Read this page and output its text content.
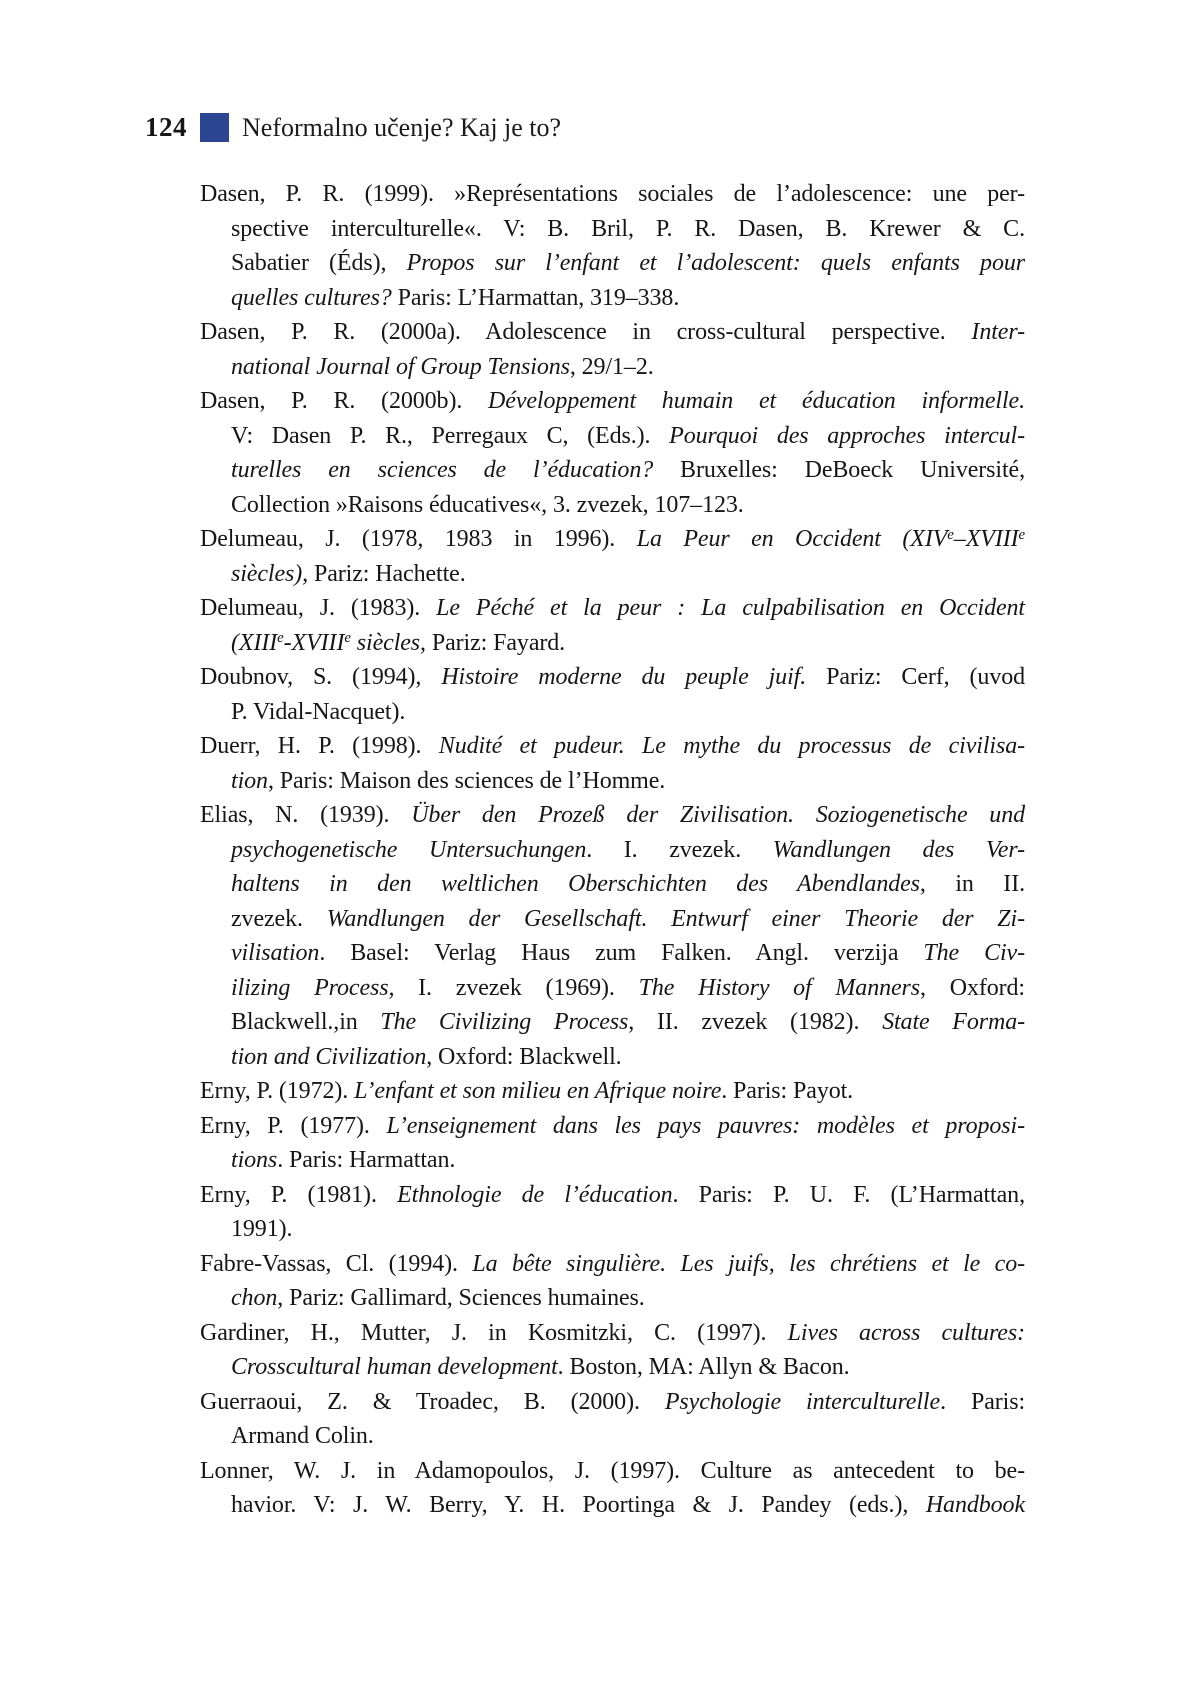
124 Neformalno učenje? Kaj je to?
Dasen, P. R. (1999). »Représentations sociales de l’adolescence: une per-
spective interculturelle«. V: B. Bril, P. R. Dasen, B. Krewer & C.
Sabatier (Éds), Propos sur l’enfant et l’adolescent: quels enfants pour
quelles cultures? Paris: L’Harmattan, 319–338.
Dasen, P. R. (2000a). Adolescence in cross-cultural perspective. Inter-
national Journal of Group Tensions, 29/1–2.
Dasen, P. R. (2000b). Développement humain et éducation informelle.
V: Dasen P. R., Perregaux C, (Eds.). Pourquoi des approches intercul-
turelles en sciences de l’éducation? Bruxelles: DeBoeck Université,
Collection »Raisons éducatives«, 3. zvezek, 107–123.
Delumeau, J. (1978, 1983 in 1996). La Peur en Occident (XIVe–XVIIIe
siècles), Pariz: Hachette.
Delumeau, J. (1983). Le Péché et la peur : La culpabilisation en Occident
(XIIIe-XVIIIe siècles, Pariz: Fayard.
Doubnov, S. (1994), Histoire moderne du peuple juif. Pariz: Cerf, (uvod
P. Vidal-Nacquet).
Duerr, H. P. (1998). Nudité et pudeur. Le mythe du processus de civilisa-
tion, Paris: Maison des sciences de l’Homme.
Elias, N. (1939). Über den Prozeß der Zivilisation. Soziogenetische und
psychogenetische Untersuchungen. I. zvezek. Wandlungen des Ver-
haltens in den weltlichen Oberschichten des Abendlandes, in II.
zvezek. Wandlungen der Gesellschaft. Entwurf einer Theorie der Zi-
vilisation. Basel: Verlag Haus zum Falken. Angl. verzija The Civ-
ilizing Process, I. zvezek (1969). The History of Manners, Oxford:
Blackwell.,in The Civilizing Process, II. zvezek (1982). State Forma-
tion and Civilization, Oxford: Blackwell.
Erny, P. (1972). L’enfant et son milieu en Afrique noire. Paris: Payot.
Erny, P. (1977). L’enseignement dans les pays pauvres: modèles et proposi-
tions. Paris: Harmattan.
Erny, P. (1981). Ethnologie de l’éducation. Paris: P. U. F. (L’Harmattan,
1991).
Fabre-Vassas, Cl. (1994). La bête singulière. Les juifs, les chrétiens et le co-
chon, Pariz: Gallimard, Sciences humaines.
Gardiner, H., Mutter, J. in Kosmitzki, C. (1997). Lives across cultures:
Crosscultural human development. Boston, MA: Allyn & Bacon.
Guerraoui, Z. & Troadec, B. (2000). Psychologie interculturelle. Paris:
Armand Colin.
Lonner, W. J. in Adamopoulos, J. (1997). Culture as antecedent to be-
havior. V: J. W. Berry, Y. H. Poortinga & J. Pandey (eds.), Handbook
